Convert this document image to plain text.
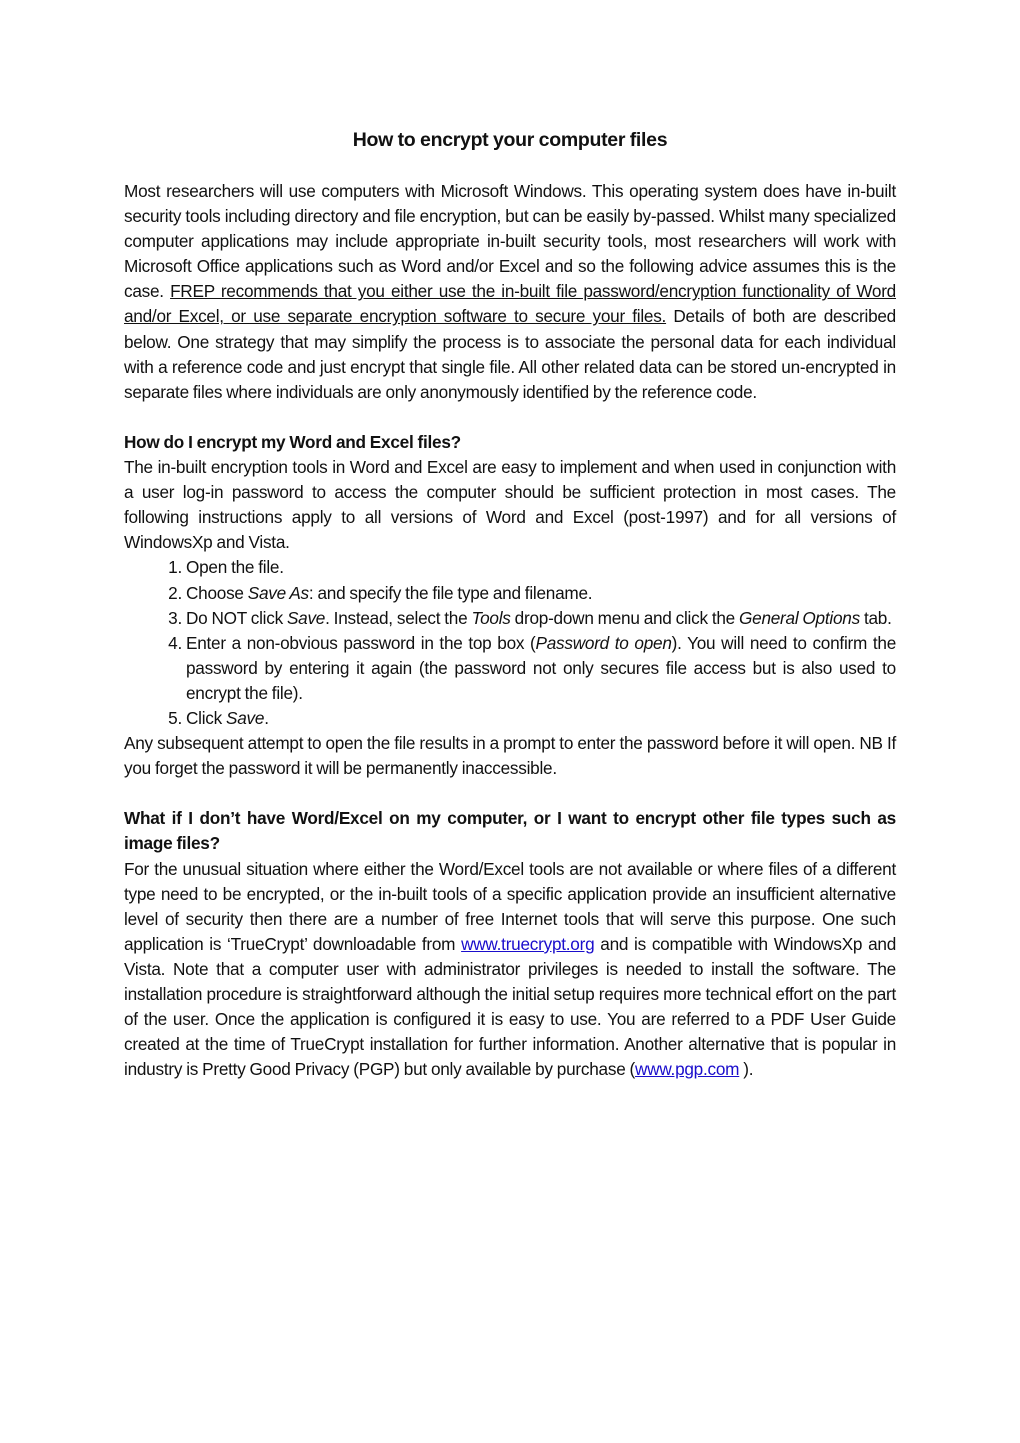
How to encrypt your computer files

Most researchers will use computers with Microsoft Windows. This operating system does have in-built security tools including directory and file encryption, but can be easily by-passed. Whilst many specialized computer applications may include appropriate in-built security tools, most researchers will work with Microsoft Office applications such as Word and/or Excel and so the following advice assumes this is the case. FREP recommends that you either use the in-built file password/encryption functionality of Word and/or Excel, or use separate encryption software to secure your files. Details of both are described below. One strategy that may simplify the process is to associate the personal data for each individual with a reference code and just encrypt that single file. All other related data can be stored un-encrypted in separate files where individuals are only anonymously identified by the reference code.

How do I encrypt my Word and Excel files?

The in-built encryption tools in Word and Excel are easy to implement and when used in conjunction with a user log-in password to access the computer should be sufficient protection in most cases. The following instructions apply to all versions of Word and Excel (post-1997) and for all versions of WindowsXp and Vista.

1. Open the file.
2. Choose Save As: and specify the file type and filename.
3. Do NOT click Save. Instead, select the Tools drop-down menu and click the General Options tab.
4. Enter a non-obvious password in the top box (Password to open). You will need to confirm the password by entering it again (the password not only secures file access but is also used to encrypt the file).
5. Click Save.

Any subsequent attempt to open the file results in a prompt to enter the password before it will open. NB If you forget the password it will be permanently inaccessible.

What if I don’t have Word/Excel on my computer, or I want to encrypt other file types such as image files?

For the unusual situation where either the Word/Excel tools are not available or where files of a different type need to be encrypted, or the in-built tools of a specific application provide an insufficient alternative level of security then there are a number of free Internet tools that will serve this purpose. One such application is ‘TrueCrypt’ downloadable from www.truecrypt.org and is compatible with WindowsXp and Vista. Note that a computer user with administrator privileges is needed to install the software. The installation procedure is straightforward although the initial setup requires more technical effort on the part of the user. Once the application is configured it is easy to use. You are referred to a PDF User Guide created at the time of TrueCrypt installation for further information. Another alternative that is popular in industry is Pretty Good Privacy (PGP) but only available by purchase (www.pgp.com ).
